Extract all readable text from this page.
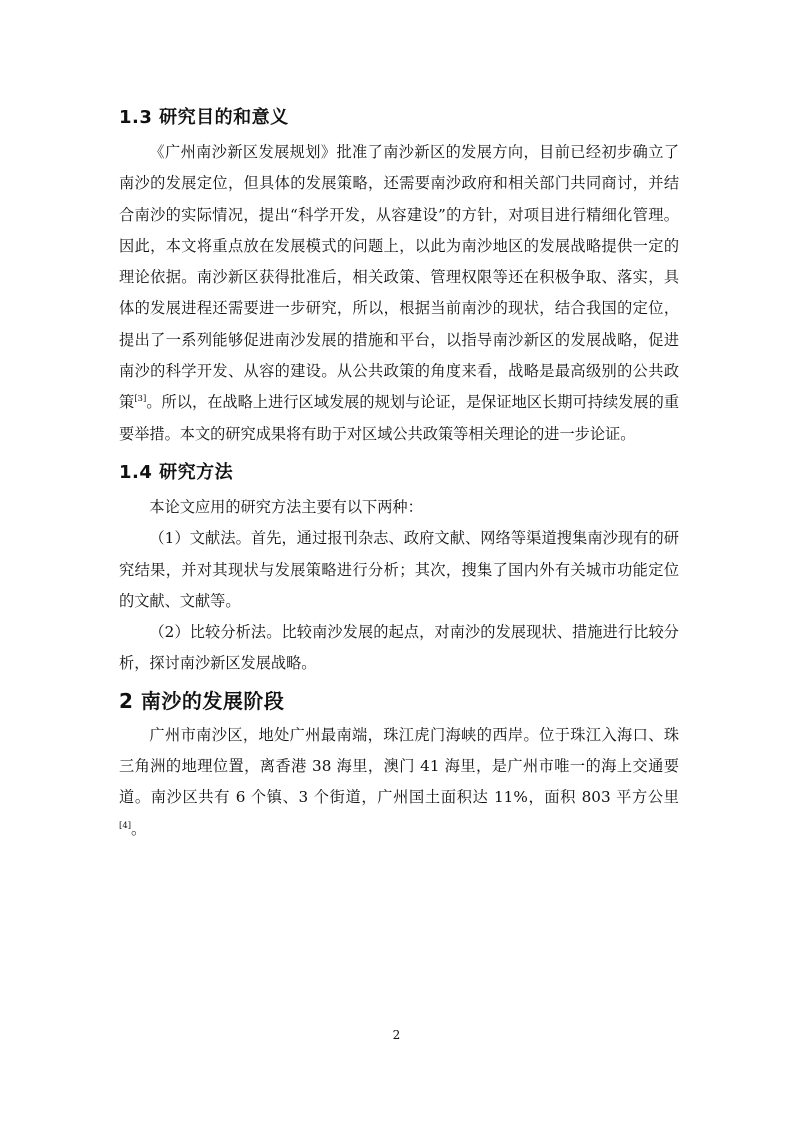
1.3 研究目的和意义

《广州南沙新区发展规划》批准了南沙新区的发展方向，目前已经初步确立了南沙的发展定位，但具体的发展策略，还需要南沙政府和相关部门共同商讨，并结合南沙的实际情况，提出“科学开发，从容建设”的方针，对项目进行精细化管理。因此，本文将重点放在发展模式的问题上，以此为南沙地区的发展战略提供一定的理论依据。南沙新区获得批准后，相关政策、管理权限等还在积极争取、落实，具体的发展进程还需要进一步研究，所以，根据当前南沙的现状，结合我国的定位，提出了一系列能够促进南沙发展的措施和平台，以指导南沙新区的发展战略，促进南沙的科学开发、从容的建设。从公共政策的角度来看，战略是最高级别的公共政策[3]。所以，在战略上进行区域发展的规划与论证，是保证地区长期可持续发展的重要举措。本文的研究成果将有助于对区域公共政策等相关理论的进一步论证。

1.4 研究方法

本论文应用的研究方法主要有以下两种：

（1）文献法。首先，通过报刊杂志、政府文献、网络等渠道搜集南沙现有的研究结果，并对其现状与发展策略进行分析；其次，搜集了国内外有关城市功能定位的文献、文献等。

（2）比较分析法。比较南沙发展的起点，对南沙的发展现状、措施进行比较分析，探讨南沙新区发展战略。

2 南沙的发展阶段

广州市南沙区，地处广州最南端，珠江虎门海峡的西岸。位于珠江入海口、珠三角洲的地理位置，离香港 38 海里，澳门 41 海里，是广州市唯一的海上交通要道。南沙区共有 6 个镇、3 个街道，广州国土面积达 11%，面积 803 平方公里[4]。

2
